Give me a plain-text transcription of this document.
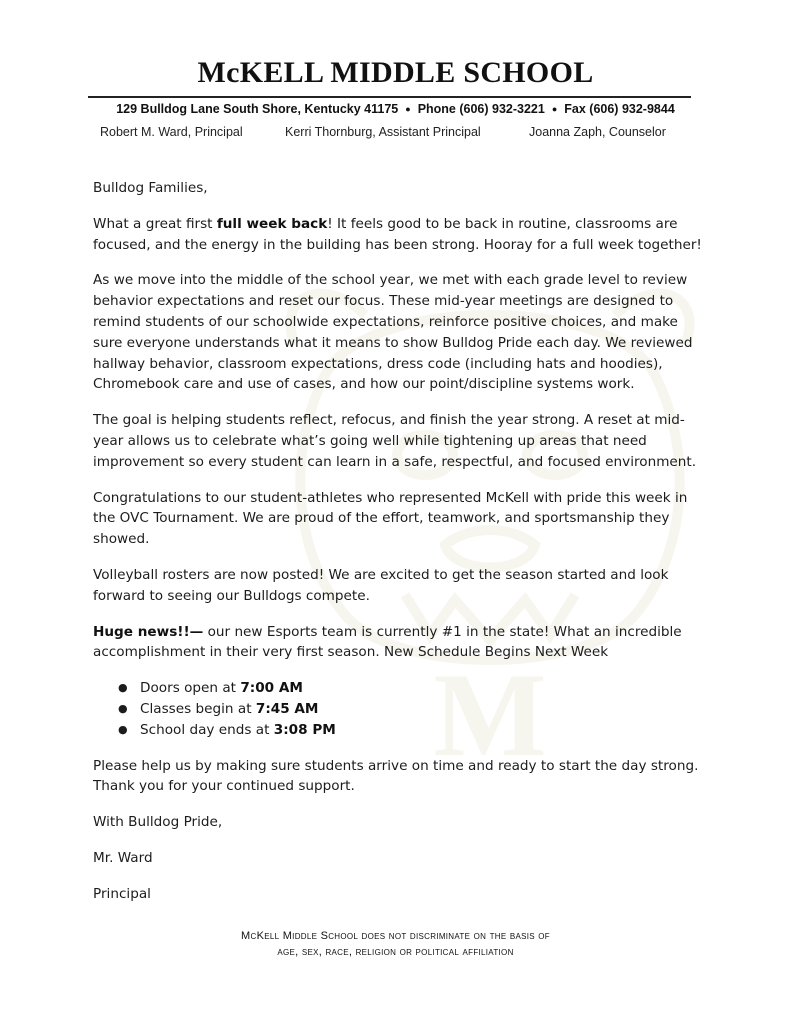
M
McKELL MIDDLE SCHOOL
129 Bulldog Lane South Shore, Kentucky 41175 ● Phone (606) 932-3221 ● Fax (606) 932-9844
Robert M. Ward, Principal	Kerri Thornburg, Assistant Principal	Joanna Zaph, Counselor

Bulldog Families,

What a great first full week back! It feels good to be back in routine, classrooms are focused, and the energy in the building has been strong. Hooray for a full week together!

As we move into the middle of the school year, we met with each grade level to review behavior expectations and reset our focus. These mid-year meetings are designed to remind students of our schoolwide expectations, reinforce positive choices, and make sure everyone understands what it means to show Bulldog Pride each day. We reviewed hallway behavior, classroom expectations, dress code (including hats and hoodies), Chromebook care and use of cases, and how our point/discipline systems work.

The goal is helping students reflect, refocus, and finish the year strong. A reset at mid-year allows us to celebrate what’s going well while tightening up areas that need improvement so every student can learn in a safe, respectful, and focused environment.

Congratulations to our student-athletes who represented McKell with pride this week in the OVC Tournament. We are proud of the effort, teamwork, and sportsmanship they showed.

Volleyball rosters are now posted! We are excited to get the season started and look forward to seeing our Bulldogs compete.

Huge news!!— our new Esports team is currently #1 in the state! What an incredible accomplishment in their very first season. New Schedule Begins Next Week

● Doors open at 7:00 AM
● Classes begin at 7:45 AM
● School day ends at 3:08 PM

Please help us by making sure students arrive on time and ready to start the day strong. Thank you for your continued support.

With Bulldog Pride,

Mr. Ward

Principal

McKell Middle School does not discriminate on the basis of
age, sex, race, religion or political affiliation
